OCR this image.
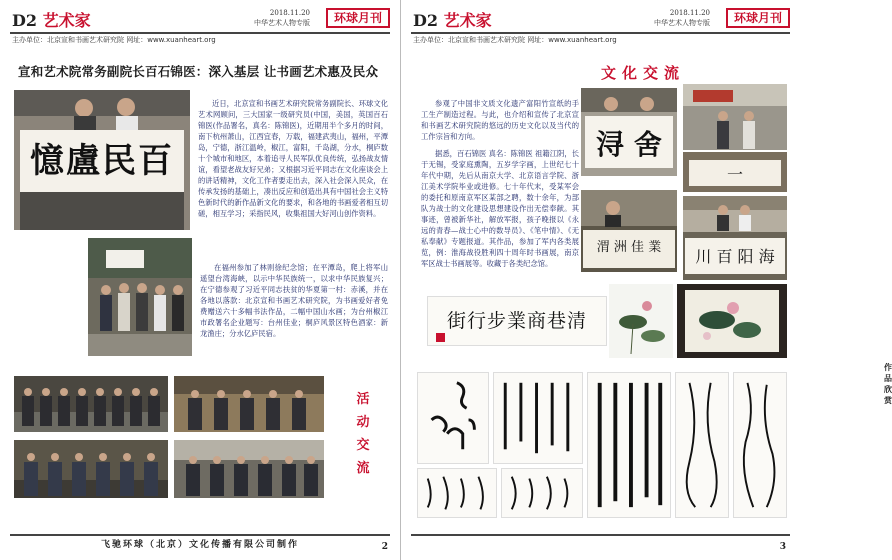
D2 艺术家	2018.11.20
中华艺术人物专版	环球月刊
主办单位：北京宣和书画艺术研究院 网址：www.xuanheart.org
宣和艺术院常务副院长百石锦医：深入基层 让书画艺术惠及民众
憶盧民百
近日，北京宣和书画艺术研究院常务副院长、环球文化艺术网顾问，三大国家一级研究员(中国，美国，英国百石锦医(作品署名，真名：陈锦医)，近期用半个多月的时间，南下杭州萧山，江西宜春，万载，福建武夷山，福州，平潭岛，宁德，浙江温岭，椒江，富阳，千岛湖，分水，桐庐数十个城市和地区，本着追寻人民军队优良传统，弘扬战友情谊，看望老战友好兄弟；又根据习近平同志在文化座谈会上的讲话精神，文化工作者要走出去，深入社会深入民众，在传承发扬的基础上，凑出反应和创造出具有中国社会主义特色新时代的新作品新文化的要求，和各地的书画爱者相互切磋，相互学习；采指民风，收集祖国大好河山创作资料。
在福州参加了林则徐纪念馆；在平潭岛，爬上将军山遥望台湾海峡，以示中华民族统一，以求中华民族复兴；在宁德参观了习近平同志扶贫的华夏第一村：赤溪，并在各地以落款：北京宣和书画艺术研究院，为书画爱好者免费赠送六十多幅书法作品，二幅中国山水画；为台州椒江市政署名企业题写：台州佳业；桐庐风景区特色酒家：新龙渔庄；分水亿庐民宿。
活
动
交
流
飞驰环球（北京）文化传播有限公司制作	2
D2 艺术家	2018.11.20
中华艺术人物专版	环球月刊
主办单位：北京宣和书画艺术研究院 网址：www.xuanheart.org
文化交流
一
参观了中国非文质文化遗产富阳竹宣纸的手工生产制造过程。与此，也介绍和宣传了北京宣和书画艺术研究院的悠远的历史文化以及当代的工作宗旨和方向。	浔 舍
据悉，百石锦医 真名：陈锦医 祖籍江阴，长于无锡，受家庭熏陶，五岁学字画，上世纪七十年代中期，先后从南京大学、北京语言学院、浙江美术学院毕业或进修。七十年代末，受某军会的委托和原南京军区某部之聘，数十余年，为部队为战士的文化建设思想建设作出无偿奉献。其事迹，曾被新华社，解放军报，孩子晚报以《永远的青春—战士心中的数导员》、《笔中情》、《无私奉献》专题报道。其作品，参加了军内各类展览，例：淮海战役胜利四十周年时书画展，南京军区战士书画展等。收藏于各类纪念馆。
渭 洲 佳 業	川 百 阳 海
街行步業商巷清
作品欣赏
3
